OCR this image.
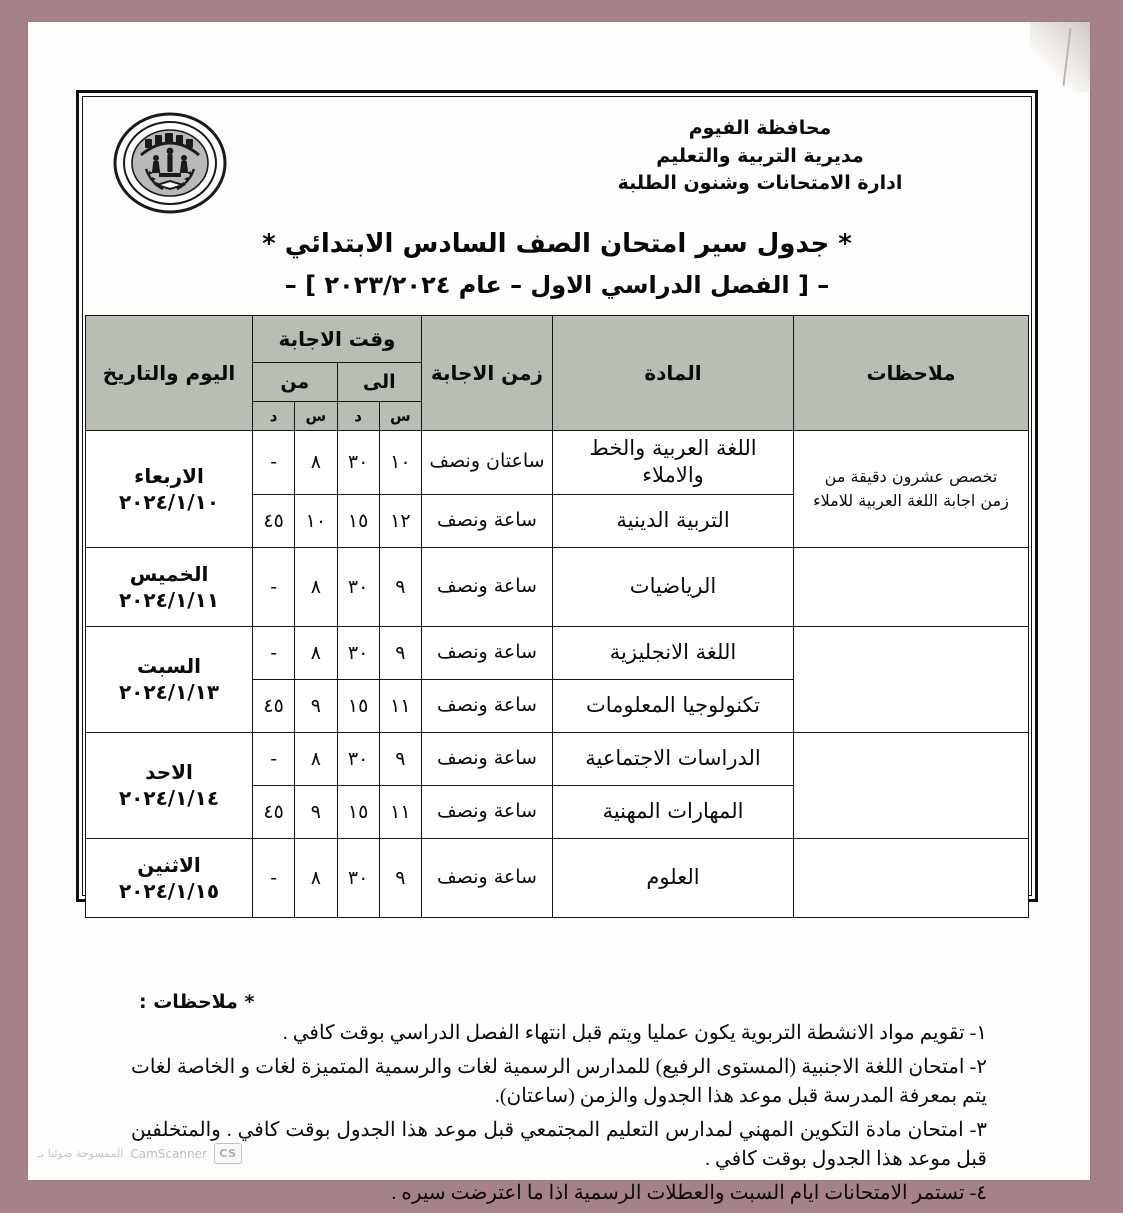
محافظة الفيوم
مديرية التربية والتعليم
ادارة الامتحانات وشنون الطلبة
* جدول سير امتحان الصف السادس الابتدائي *
– [ الفصل الدراسي الاول – عام ٢٠٢٣/٢٠٢٤ ] –
ملاحظات	المادة	زمن الاجابة	وقت الاجابة				اليوم والتاريخ
			الى		من		
			س	د	س	د	
تخصص عشرون دقيقة من زمن اجابة اللغة العربية للاملاء	اللغة العربية والخط والاملاء	ساعتان ونصف	١٠	٣٠	٨	-	الاربعاء
٢٠٢٤/١/١٠

	التربية الدينية	ساعة ونصف	١٢	١٥	١٠	٤٥	
	الرياضيات	ساعة ونصف	٩	٣٠	٨	-	الخميس
٢٠٢٤/١/١١

	اللغة الانجليزية	ساعة ونصف	٩	٣٠	٨	-	السبت
٢٠٢٤/١/١٣

	تكنولوجيا المعلومات	ساعة ونصف	١١	١٥	٩	٤٥	
	الدراسات الاجتماعية	ساعة ونصف	٩	٣٠	٨	-	الاحد
٢٠٢٤/١/١٤

	المهارات المهنية	ساعة ونصف	١١	١٥	٩	٤٥	
	العلوم	ساعة ونصف	٩	٣٠	٨	-	الاثنين
٢٠٢٤/١/١٥
* ملاحظات :
١- تقويم مواد الانشطة التربوية يكون عمليا ويتم قبل انتهاء الفصل الدراسي بوقت كافي .
٢- امتحان اللغة الاجنبية (المستوى الرفيع) للمدارس الرسمية لغات والرسمية المتميزة لغات و الخاصة لغات يتم بمعرفة المدرسة قبل موعد هذا الجدول والزمن (ساعتان).
٣- امتحان مادة التكوين المهني لمدارس التعليم المجتمعي قبل موعد هذا الجدول بوقت كافي . والمتخلفين قبل موعد هذا الجدول بوقت كافي .
٤- تستمر الامتحانات ايام السبت والعطلات الرسمية اذا ما اعترضت سيره .
CS
CamScanner
الممسوحة ضوئيا بـ
